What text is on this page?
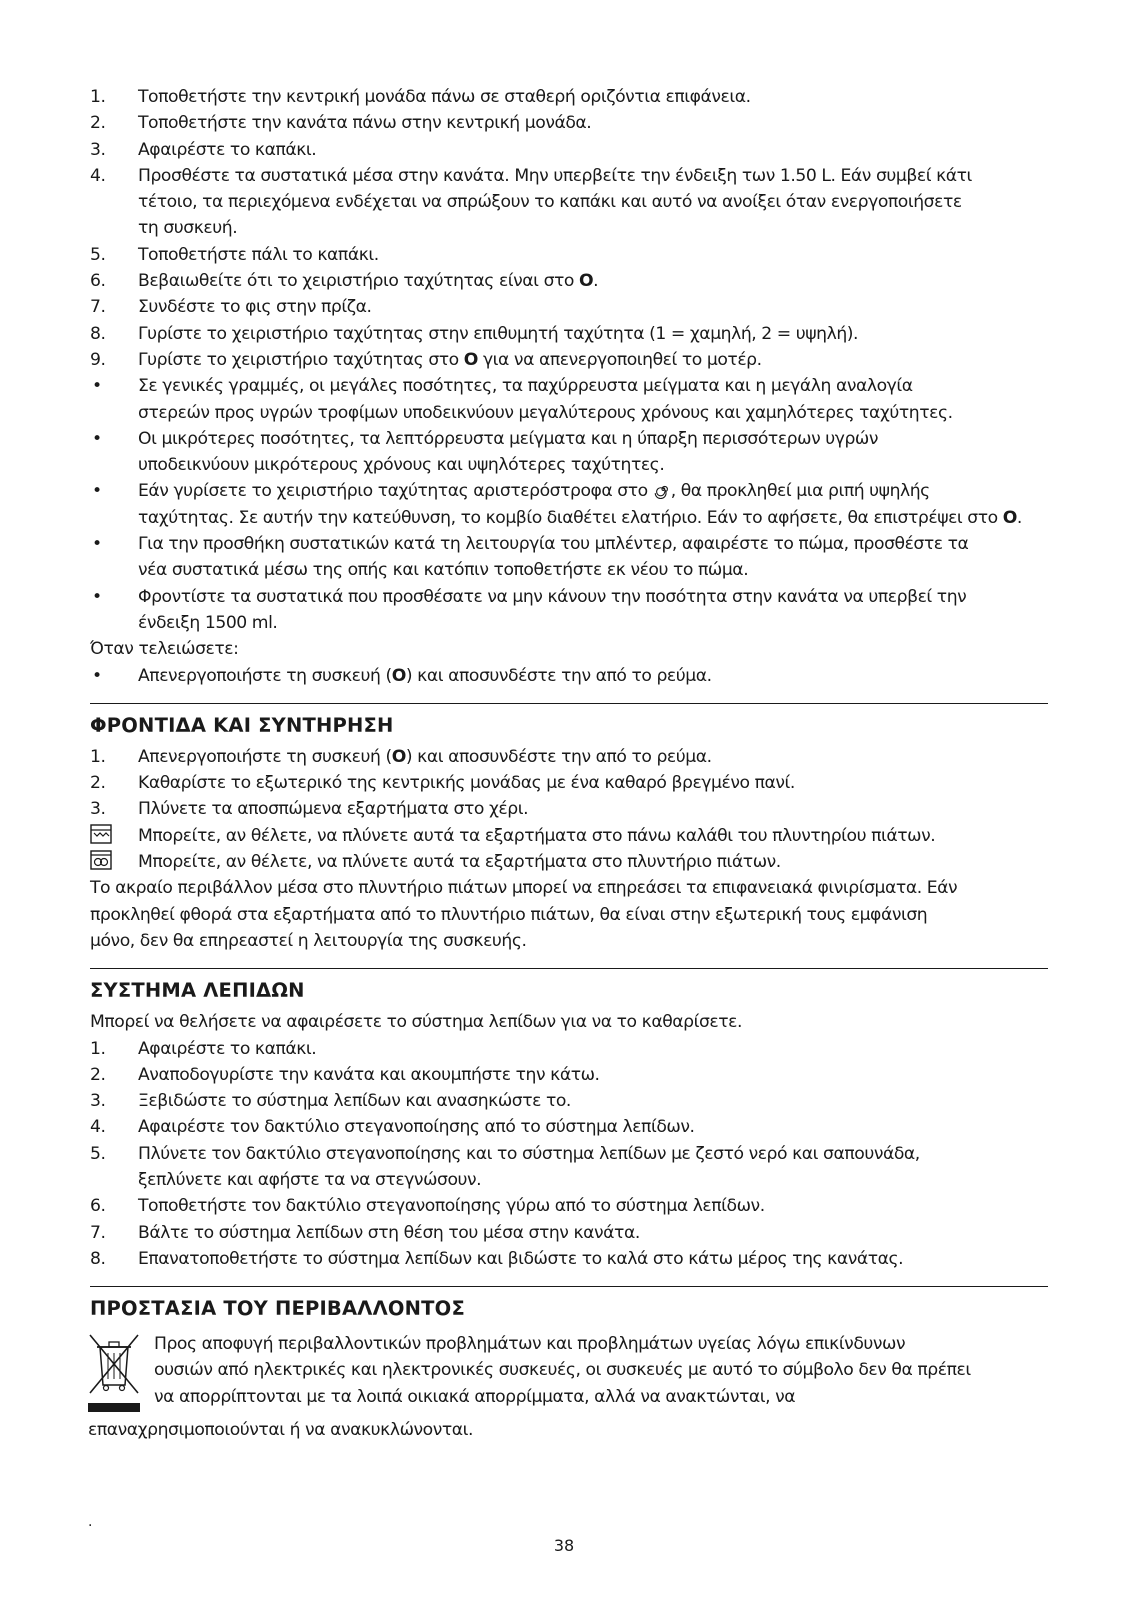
1.	Τοποθετήστε την κεντρική μονάδα πάνω σε σταθερή οριζόντια επιφάνεια.
2.	Τοποθετήστε την κανάτα πάνω στην κεντρική μονάδα.
3.	Αφαιρέστε το καπάκι.
4.	Προσθέστε τα συστατικά μέσα στην κανάτα. Μην υπερβείτε την ένδειξη των 1.50 L. Εάν συμβεί κάτι
τέτοιο, τα περιεχόμενα ενδέχεται να σπρώξουν το καπάκι και αυτό να ανοίξει όταν ενεργοποιήσετε
τη συσκευή.
5.	Τοποθετήστε πάλι το καπάκι.
6.	Βεβαιωθείτε ότι το χειριστήριο ταχύτητας είναι στο O.
7.	Συνδέστε το φις στην πρίζα.
8.	Γυρίστε το χειριστήριο ταχύτητας στην επιθυμητή ταχύτητα (1 = χαμηλή, 2 = υψηλή).
9.	Γυρίστε το χειριστήριο ταχύτητας στο O για να απενεργοποιηθεί το μοτέρ.
•	Σε γενικές γραμμές, οι μεγάλες ποσότητες, τα παχύρρευστα μείγματα και η μεγάλη αναλογία
στερεών προς υγρών τροφίμων υποδεικνύουν μεγαλύτερους χρόνους και χαμηλότερες ταχύτητες.
•	Οι μικρότερες ποσότητες, τα λεπτόρρευστα μείγματα και η ύπαρξη περισσότερων υγρών
υποδεικνύουν μικρότερους χρόνους και υψηλότερες ταχύτητες.
•	Εάν γυρίσετε το χειριστήριο ταχύτητας αριστερόστροφα στο , θα προκληθεί μια ριπή υψηλής
ταχύτητας. Σε αυτήν την κατεύθυνση, το κομβίο διαθέτει ελατήριο. Εάν το αφήσετε, θα επιστρέψει στο O.
•	Για την προσθήκη συστατικών κατά τη λειτουργία του μπλέντερ, αφαιρέστε το πώμα, προσθέστε τα
νέα συστατικά μέσω της οπής και κατόπιν τοποθετήστε εκ νέου το πώμα.
•	Φροντίστε τα συστατικά που προσθέσατε να μην κάνουν την ποσότητα στην κανάτα να υπερβεί την
ένδειξη 1500 ml.
Όταν τελειώσετε:
•	Απενεργοποιήστε τη συσκευή (O) και αποσυνδέστε την από το ρεύμα.
ΦΡΟΝΤΙΔΑ ΚΑΙ ΣΥΝΤΗΡΗΣΗ
1.	Απενεργοποιήστε τη συσκευή (O) και αποσυνδέστε την από το ρεύμα.
2.	Καθαρίστε το εξωτερικό της κεντρικής μονάδας με ένα καθαρό βρεγμένο πανί.
3.	Πλύνετε τα αποσπώμενα εξαρτήματα στο χέρι.
Μπορείτε, αν θέλετε, να πλύνετε αυτά τα εξαρτήματα στο πάνω καλάθι του πλυντηρίου πιάτων.
Μπορείτε, αν θέλετε, να πλύνετε αυτά τα εξαρτήματα στο πλυντήριο πιάτων.
Το ακραίο περιβάλλον μέσα στο πλυντήριο πιάτων μπορεί να επηρεάσει τα επιφανειακά φινιρίσματα. Εάν
προκληθεί φθορά στα εξαρτήματα από το πλυντήριο πιάτων, θα είναι στην εξωτερική τους εμφάνιση
μόνο, δεν θα επηρεαστεί η λειτουργία της συσκευής.
ΣΥΣΤΗΜΑ ΛΕΠΙΔΩΝ
Μπορεί να θελήσετε να αφαιρέσετε το σύστημα λεπίδων για να το καθαρίσετε.
1.	Αφαιρέστε το καπάκι.
2.	Αναποδογυρίστε την κανάτα και ακουμπήστε την κάτω.
3.	Ξεβιδώστε το σύστημα λεπίδων και ανασηκώστε το.
4.	Αφαιρέστε τον δακτύλιο στεγανοποίησης από το σύστημα λεπίδων.
5.	Πλύνετε τον δακτύλιο στεγανοποίησης και το σύστημα λεπίδων με ζεστό νερό και σαπουνάδα,
ξεπλύνετε και αφήστε τα να στεγνώσουν.
6.	Τοποθετήστε τον δακτύλιο στεγανοποίησης γύρω από το σύστημα λεπίδων.
7.	Βάλτε το σύστημα λεπίδων στη θέση του μέσα στην κανάτα.
8.	Επανατοποθετήστε το σύστημα λεπίδων και βιδώστε το καλά στο κάτω μέρος της κανάτας.
ΠΡΟΣΤΑΣΙΑ ΤΟΥ ΠΕΡΙΒΑΛΛΟΝΤΟΣ
Προς αποφυγή περιβαλλοντικών προβλημάτων και προβλημάτων υγείας λόγω επικίνδυνων
ουσιών από ηλεκτρικές και ηλεκτρονικές συσκευές, οι συσκευές με αυτό το σύμβολο δεν θα πρέπει
να απορρίπτονται με τα λοιπά οικιακά απορρίμματα, αλλά να ανακτώνται, να
επαναχρησιμοποιούνται ή να ανακυκλώνονται.
.
38
